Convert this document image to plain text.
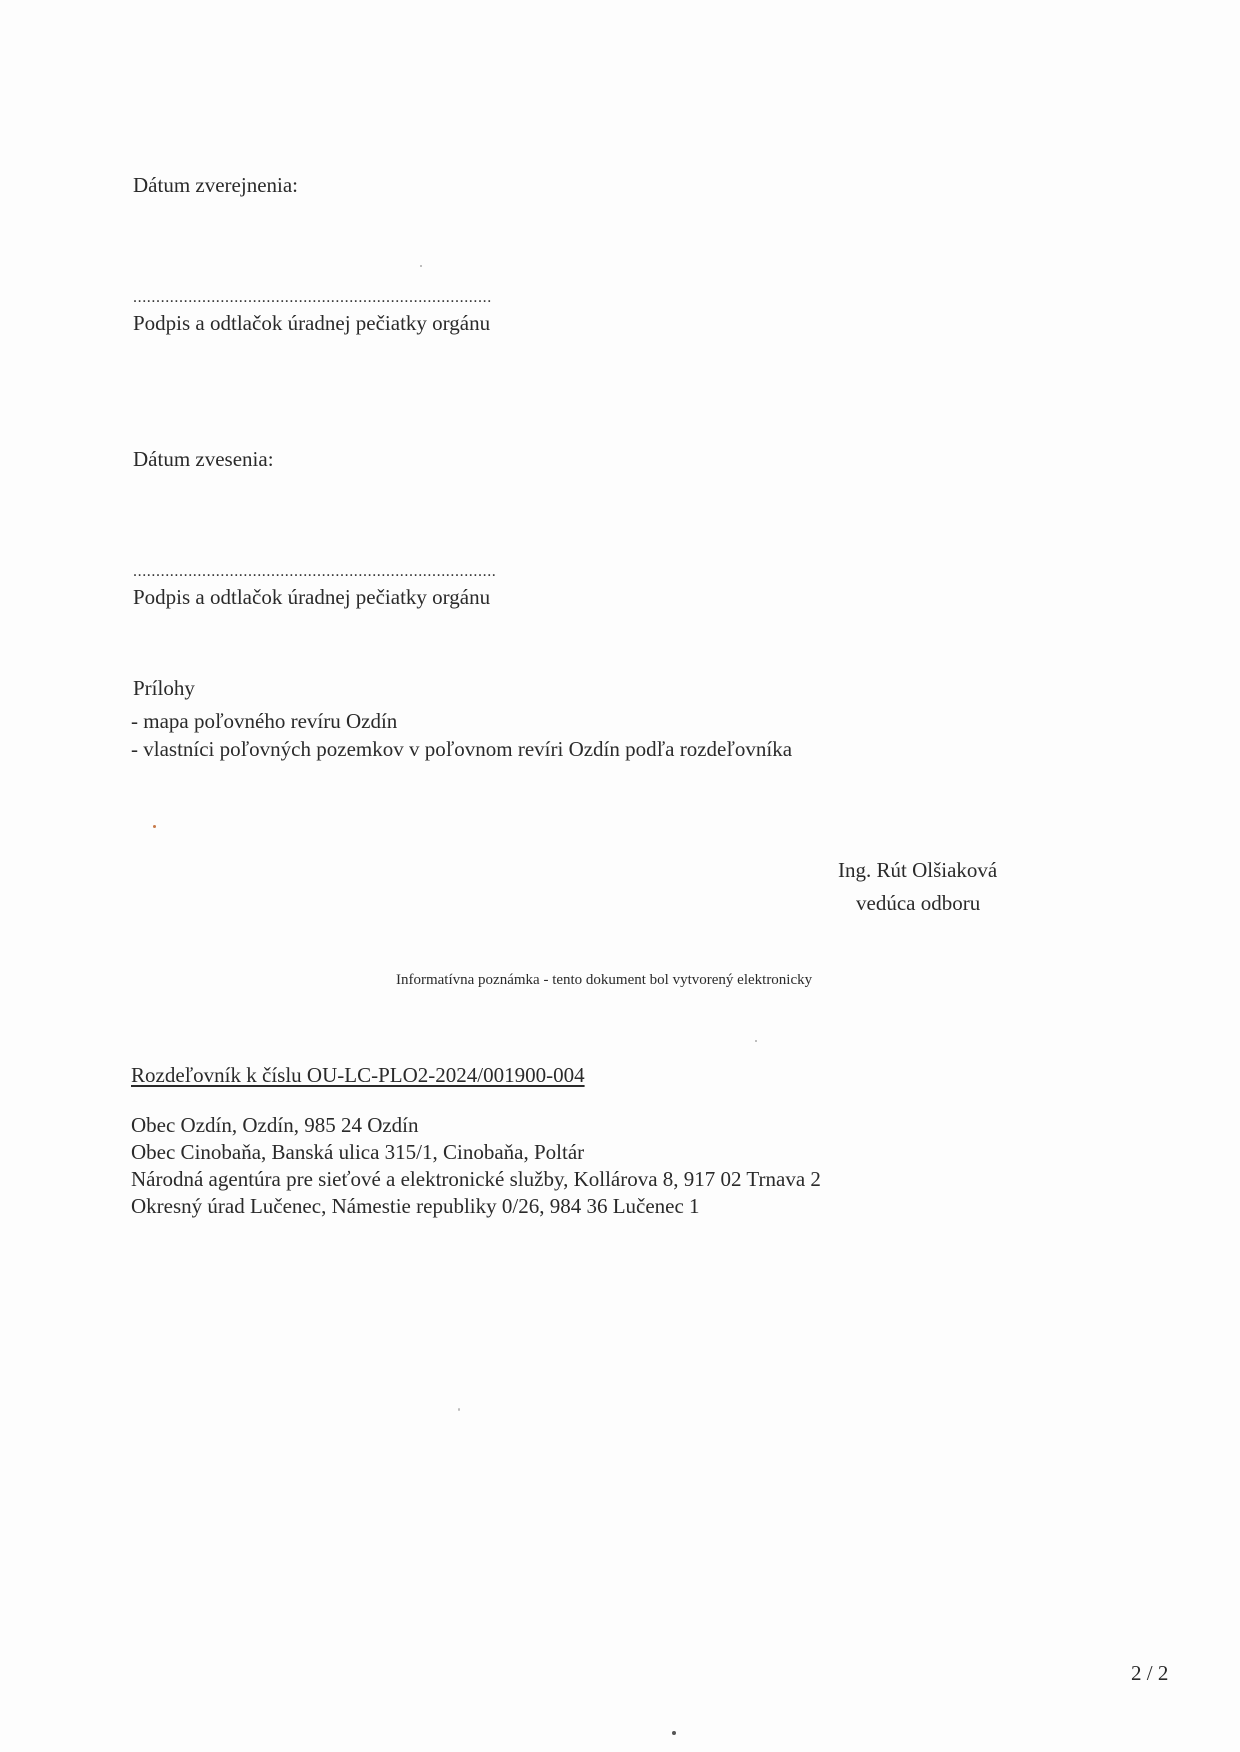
Dátum zverejnenia:
..............................................................................
Podpis a odtlačok úradnej pečiatky orgánu
Dátum zvesenia:
...............................................................................
Podpis a odtlačok úradnej pečiatky orgánu
Prílohy
- mapa poľovného revíru Ozdín
- vlastníci poľovných pozemkov v poľovnom revíri Ozdín podľa rozdeľovníka
Ing. Rút Olšiaková
vedúca odboru
Informatívna poznámka - tento dokument bol vytvorený elektronicky
Rozdeľovník k číslu OU-LC-PLO2-2024/001900-004
Obec Ozdín, Ozdín, 985 24 Ozdín
Obec Cinobaňa, Banská ulica 315/1, Cinobaňa, Poltár
Národná agentúra pre sieťové a elektronické služby, Kollárova 8, 917 02 Trnava 2
Okresný úrad Lučenec, Námestie republiky 0/26, 984 36 Lučenec 1
2 / 2
